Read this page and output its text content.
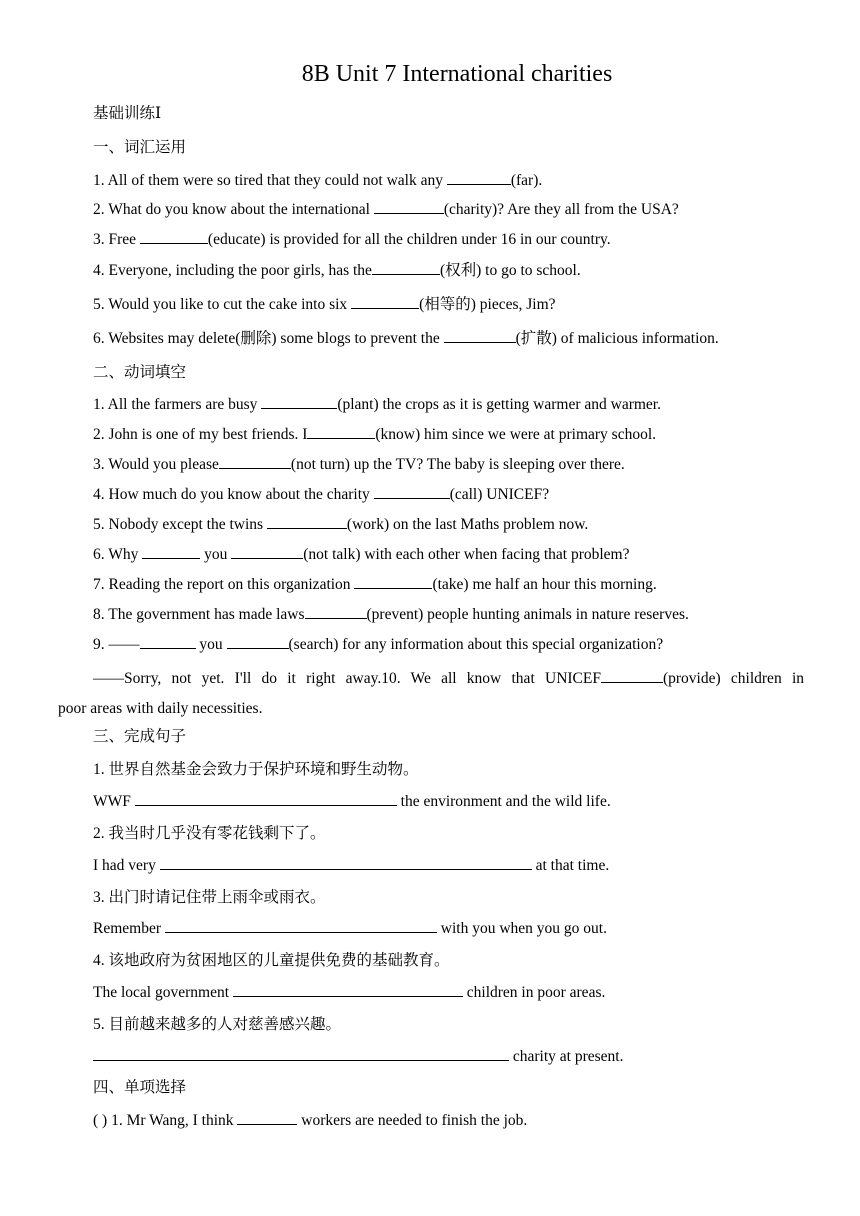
8B Unit 7 International charities
基础训练Ⅰ
一、词汇运用
1. All of them were so tired that they could not walk any	(far).
2. What do you know about the international	(charity)? Are they all from the USA?
3. Free	(educate) is provided for all the children under 16 in our country.
4. Everyone, including the poor girls, has the	(权利) to go to school.
5. Would you like to cut the cake into six	(相等的) pieces, Jim?
6. Websites may delete(删除) some blogs to prevent the	(扩散) of malicious information.
二、动词填空
1. All the farmers are busy	(plant) the crops as it is getting warmer and warmer.
2. John is one of my best friends. I	(know) him since we were at primary school.
3. Would you please	(not turn) up the TV? The baby is sleeping over there.
4. How much do you know about the charity	(call) UNICEF?
5. Nobody except the twins	(work) on the last Maths problem now.
6. Why	you	(not talk) with each other when facing that problem?
7. Reading the report on this organization	(take) me half an hour this morning.
8. The government has made laws	(prevent) people hunting animals in nature reserves.
9. ——	you	(search) for any information about this special organization?
——Sorry, not yet. I'll do it right away.10. We all know that UNICEF	(provide) children in
poor areas with daily necessities.
三、完成句子
1. 世界自然基金会致力于保护环境和野生动物。
WWF	the environment and the wild life.
2. 我当时几乎没有零花钱剩下了。
I had very	at that time.
3. 出门时请记住带上雨伞或雨衣。
Remember	with you when you go out.
4. 该地政府为贫困地区的儿童提供免费的基础教育。
The local government	children in poor areas.
5. 目前越来越多的人对慈善感兴趣。
charity at present.
四、单项选择
( ) 1. Mr Wang, I think	workers are needed to finish the job.
